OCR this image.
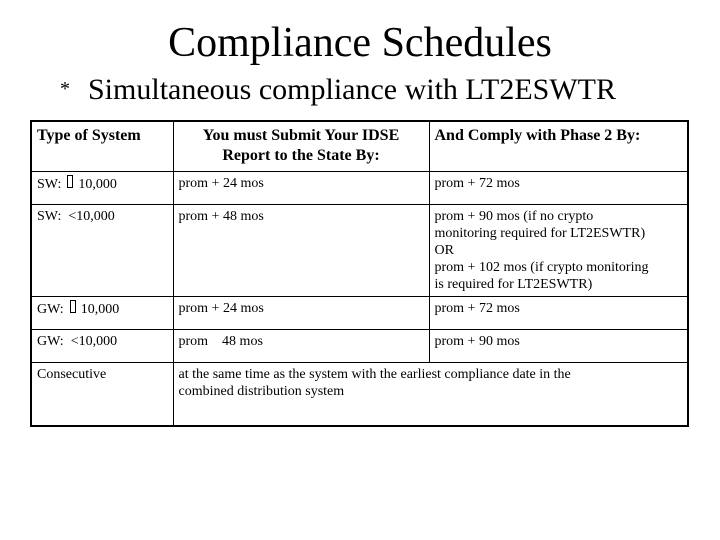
Compliance Schedules
* Simultaneous compliance with LT2ESWTR
Type of System	You must Submit Your IDSE Report to the State By:	And Comply with Phase 2 By:
SW: 10,000	prom + 24 mos	prom + 72 mos

SW: <10,000	prom + 48 mos	prom + 90 mos (if no crypto
monitoring required for LT2ESWTR)
OR
prom + 102 mos (if crypto monitoring
is required for LT2ESWTR)

GW: 10,000	prom + 24 mos	prom + 72 mos

GW: <10,000	prom    48 mos	prom + 90 mos

Consecutive	at the same time as the system with the earliest compliance date in the combined distribution system	
